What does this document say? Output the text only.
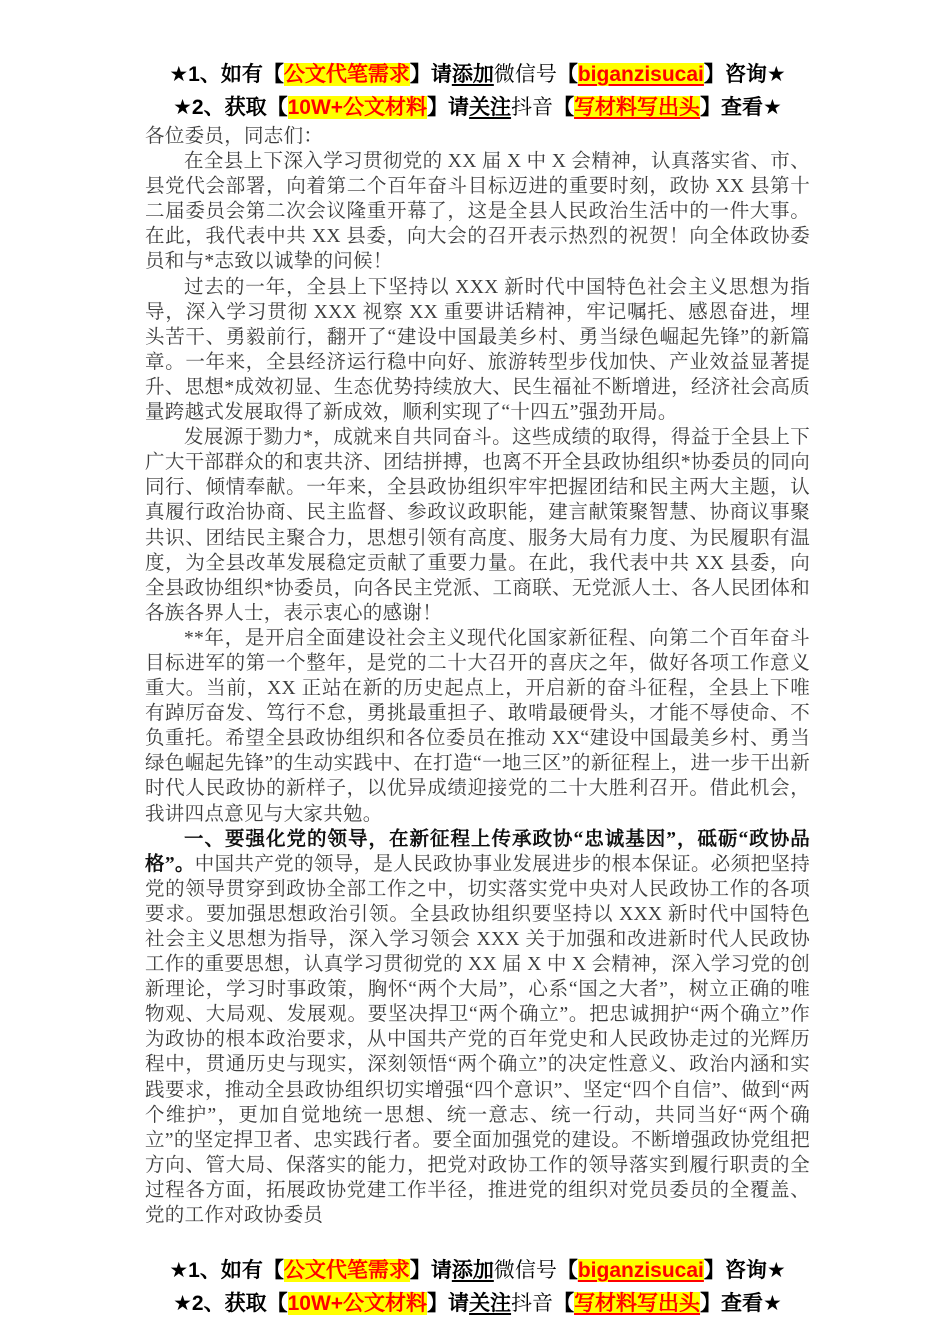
★1、如有【公文代笔需求】请添加微信号【biganzisucai】咨询★
★2、获取【10W+公文材料】请关注抖音【写材料写出头】查看★

各位委员，同志们：

在全县上下深入学习贯彻党的 XX 届 X 中 X 会精神，认真落实省、市、县党代会部署，向着第二个百年奋斗目标迈进的重要时刻，政协 XX 县第十二届委员会第二次会议隆重开幕了，这是全县人民政治生活中的一件大事。在此，我代表中共 XX 县委，向大会的召开表示热烈的祝贺！向全体政协委员和与*志致以诚挚的问候！

过去的一年，全县上下坚持以 XXX 新时代中国特色社会主义思想为指导，深入学习贯彻 XXX 视察 XX 重要讲话精神，牢记嘱托、感恩奋进，埋头苦干、勇毅前行，翻开了“建设中国最美乡村、勇当绿色崛起先锋”的新篇章。一年来，全县经济运行稳中向好、旅游转型步伐加快、产业效益显著提升、思想*成效初显、生态优势持续放大、民生福祉不断增进，经济社会高质量跨越式发展取得了新成效，顺利实现了“十四五”强劲开局。

发展源于勠力*，成就来自共同奋斗。这些成绩的取得，得益于全县上下广大干部群众的和衷共济、团结拼搏，也离不开全县政协组织*协委员的同向同行、倾情奉献。一年来，全县政协组织牢牢把握团结和民主两大主题，认真履行政治协商、民主监督、参政议政职能，建言献策聚智慧、协商议事聚共识、团结民主聚合力，思想引领有高度、服务大局有力度、为民履职有温度，为全县改革发展稳定贡献了重要力量。在此，我代表中共 XX 县委，向全县政协组织*协委员，向各民主党派、工商联、无党派人士、各人民团体和各族各界人士，表示衷心的感谢！

**年，是开启全面建设社会主义现代化国家新征程、向第二个百年奋斗目标进军的第一个整年，是党的二十大召开的喜庆之年，做好各项工作意义重大。当前，XX 正站在新的历史起点上，开启新的奋斗征程，全县上下唯有踔厉奋发、笃行不怠，勇挑最重担子、敢啃最硬骨头，才能不辱使命、不负重托。希望全县政协组织和各位委员在推动 XX“建设中国最美乡村、勇当绿色崛起先锋”的生动实践中、在打造“一地三区”的新征程上，进一步干出新时代人民政协的新样子，以优异成绩迎接党的二十大胜利召开。借此机会，我讲四点意见与大家共勉。

一、要强化党的领导，在新征程上传承政协“忠诚基因”，砥砺“政协品格”。中国共产党的领导，是人民政协事业发展进步的根本保证。必须把坚持党的领导贯穿到政协全部工作之中，切实落实党中央对人民政协工作的各项要求。要加强思想政治引领。全县政协组织要坚持以 XXX 新时代中国特色社会主义思想为指导，深入学习领会 XXX 关于加强和改进新时代人民政协工作的重要思想，认真学习贯彻党的 XX 届 X 中 X 会精神，深入学习党的创新理论，学习时事政策，胸怀“两个大局”，心系“国之大者”，树立正确的唯物观、大局观、发展观。要坚决捍卫“两个确立”。把忠诚拥护“两个确立”作为政协的根本政治要求，从中国共产党的百年党史和人民政协走过的光辉历程中，贯通历史与现实，深刻领悟“两个确立”的决定性意义、政治内涵和实践要求，推动全县政协组织切实增强“四个意识”、坚定“四个自信”、做到“两个维护”，更加自觉地统一思想、统一意志、统一行动，共同当好“两个确立”的坚定捍卫者、忠实践行者。要全面加强党的建设。不断增强政协党组把方向、管大局、保落实的能力，把党对政协工作的领导落实到履行职责的全过程各方面，拓展政协党建工作半径，推进党的组织对党员委员的全覆盖、党的工作对政协委员

★1、如有【公文代笔需求】请添加微信号【biganzisucai】咨询★
★2、获取【10W+公文材料】请关注抖音【写材料写出头】查看★
